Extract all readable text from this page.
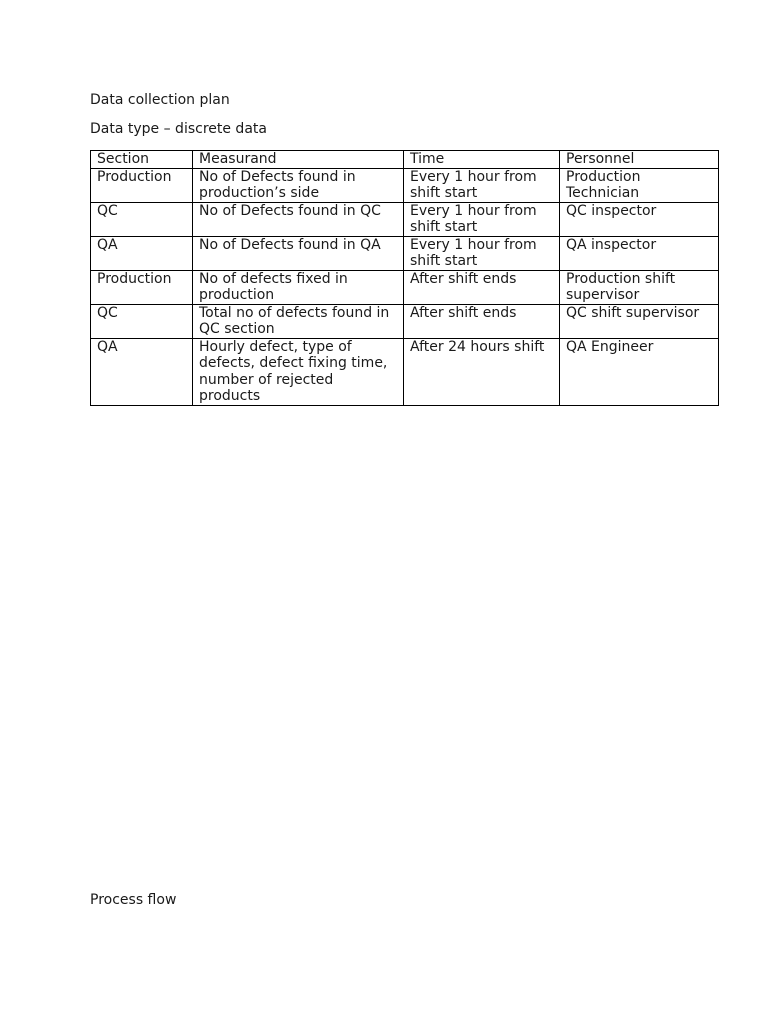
Data collection plan

Data type – discrete data

Section	Measurand	Time	Personnel
Production	No of Defects found in production’s side	Every 1 hour from shift start	Production Technician
QC	No of Defects found in QC	Every 1 hour from shift start	QC inspector
QA	No of Defects found in QA	Every 1 hour from shift start	QA inspector
Production	No of defects fixed in production	After shift ends	Production shift supervisor
QC	Total no of defects found in QC section	After shift ends	QC shift supervisor
QA	Hourly defect, type of defects, defect fixing time, number of rejected products	After 24 hours shift	QA Engineer

Process flow
